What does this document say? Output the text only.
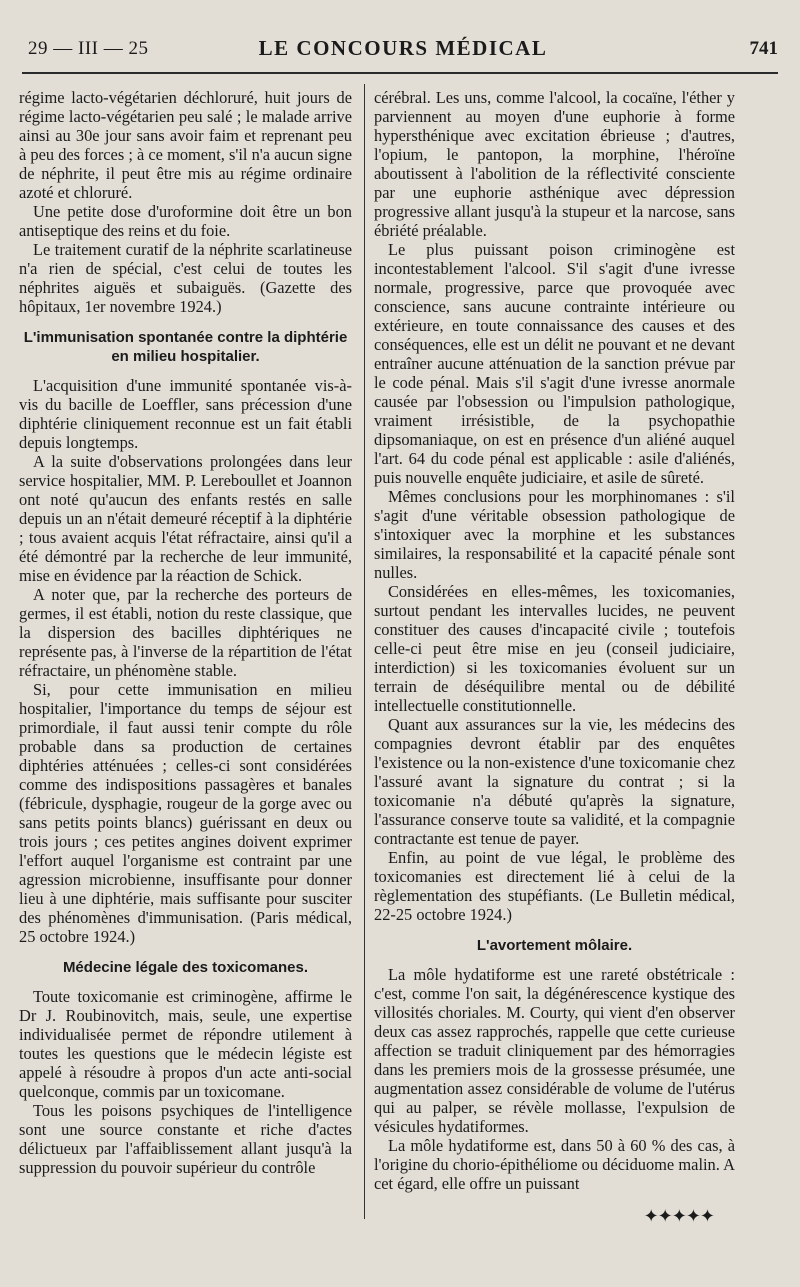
29 — III — 25	LE CONCOURS MÉDICAL	741

régime lacto-végétarien déchloruré, huit jours de régime lacto-végétarien peu salé ; le malade arrive ainsi au 30e jour sans avoir faim et reprenant peu à peu des forces ; à ce moment, s'il n'a aucun signe de néphrite, il peut être mis au régime ordinaire azoté et chloruré.

Une petite dose d'uroformine doit être un bon antiseptique des reins et du foie.

Le traitement curatif de la néphrite scarlatineuse n'a rien de spécial, c'est celui de toutes les néphrites aiguës et subaiguës. (Gazette des hôpitaux, 1er novembre 1924.)

L'immunisation spontanée contre la diphtérie en milieu hospitalier.

L'acquisition d'une immunité spontanée vis-à-vis du bacille de Loeffler, sans précession d'une diphtérie cliniquement reconnue est un fait établi depuis longtemps.

A la suite d'observations prolongées dans leur service hospitalier, MM. P. Lereboullet et Joannon ont noté qu'aucun des enfants restés en salle depuis un an n'était demeuré réceptif à la diphtérie ; tous avaient acquis l'état réfractaire, ainsi qu'il a été démontré par la recherche de leur immunité, mise en évidence par la réaction de Schick.

A noter que, par la recherche des porteurs de germes, il est établi, notion du reste classique, que la dispersion des bacilles diphtériques ne représente pas, à l'inverse de la répartition de l'état réfractaire, un phénomène stable.

Si, pour cette immunisation en milieu hospitalier, l'importance du temps de séjour est primordiale, il faut aussi tenir compte du rôle probable dans sa production de certaines diphtéries atténuées ; celles-ci sont considérées comme des indispositions passagères et banales (fébricule, dysphagie, rougeur de la gorge avec ou sans petits points blancs) guérissant en deux ou trois jours ; ces petites angines doivent exprimer l'effort auquel l'organisme est contraint par une agression microbienne, insuffisante pour donner lieu à une diphtérie, mais suffisante pour susciter des phénomènes d'immunisation. (Paris médical, 25 octobre 1924.)

Médecine légale des toxicomanes.

Toute toxicomanie est criminogène, affirme le Dr J. Roubinovitch, mais, seule, une expertise individualisée permet de répondre utilement à toutes les questions que le médecin légiste est appelé à résoudre à propos d'un acte anti-social quelconque, commis par un toxicomane.

Tous les poisons psychiques de l'intelligence sont une source constante et riche d'actes délictueux par l'affaiblissement allant jusqu'à la suppression du pouvoir supérieur du contrôle

cérébral. Les uns, comme l'alcool, la cocaïne, l'éther y parviennent au moyen d'une euphorie à forme hypersthénique avec excitation ébrieuse ; d'autres, l'opium, le pantopon, la morphine, l'héroïne aboutissent à l'abolition de la réflectivité consciente par une euphorie asthénique avec dépression progressive allant jusqu'à la stupeur et la narcose, sans ébriété préalable.

Le plus puissant poison criminogène est incontestablement l'alcool. S'il s'agit d'une ivresse normale, progressive, parce que provoquée avec conscience, sans aucune contrainte intérieure ou extérieure, en toute connaissance des causes et des conséquences, elle est un délit ne pouvant et ne devant entraîner aucune atténuation de la sanction prévue par le code pénal. Mais s'il s'agit d'une ivresse anormale causée par l'obsession ou l'impulsion pathologique, vraiment irrésistible, de la psychopathie dipsomaniaque, on est en présence d'un aliéné auquel l'art. 64 du code pénal est applicable : asile d'aliénés, puis nouvelle enquête judiciaire, et asile de sûreté.

Mêmes conclusions pour les morphinomanes : s'il s'agit d'une véritable obsession pathologique de s'intoxiquer avec la morphine et les substances similaires, la responsabilité et la capacité pénale sont nulles.

Considérées en elles-mêmes, les toxicomanies, surtout pendant les intervalles lucides, ne peuvent constituer des causes d'incapacité civile ; toutefois celle-ci peut être mise en jeu (conseil judiciaire, interdiction) si les toxicomanies évoluent sur un terrain de déséquilibre mental ou de débilité intellectuelle constitutionnelle.

Quant aux assurances sur la vie, les médecins des compagnies devront établir par des enquêtes l'existence ou la non-existence d'une toxicomanie chez l'assuré avant la signature du contrat ; si la toxicomanie n'a débuté qu'après la signature, l'assurance conserve toute sa validité, et la compagnie contractante est tenue de payer.

Enfin, au point de vue légal, le problème des toxicomanies est directement lié à celui de la règlementation des stupéfiants. (Le Bulletin médical, 22-25 octobre 1924.)

L'avortement môlaire.

La môle hydatiforme est une rareté obstétricale : c'est, comme l'on sait, la dégénérescence kystique des villosités choriales. M. Courty, qui vient d'en observer deux cas assez rapprochés, rappelle que cette curieuse affection se traduit cliniquement par des hémorragies dans les premiers mois de la grossesse présumée, une augmentation assez considérable de volume de l'utérus qui au palper, se révèle mollasse, l'expulsion de vésicules hydatiformes.

La môle hydatiforme est, dans 50 à 60 % des cas, à l'origine du chorio-épithéliome ou déciduome malin. A cet égard, elle offre un puissant

✦✦✦✦✦
